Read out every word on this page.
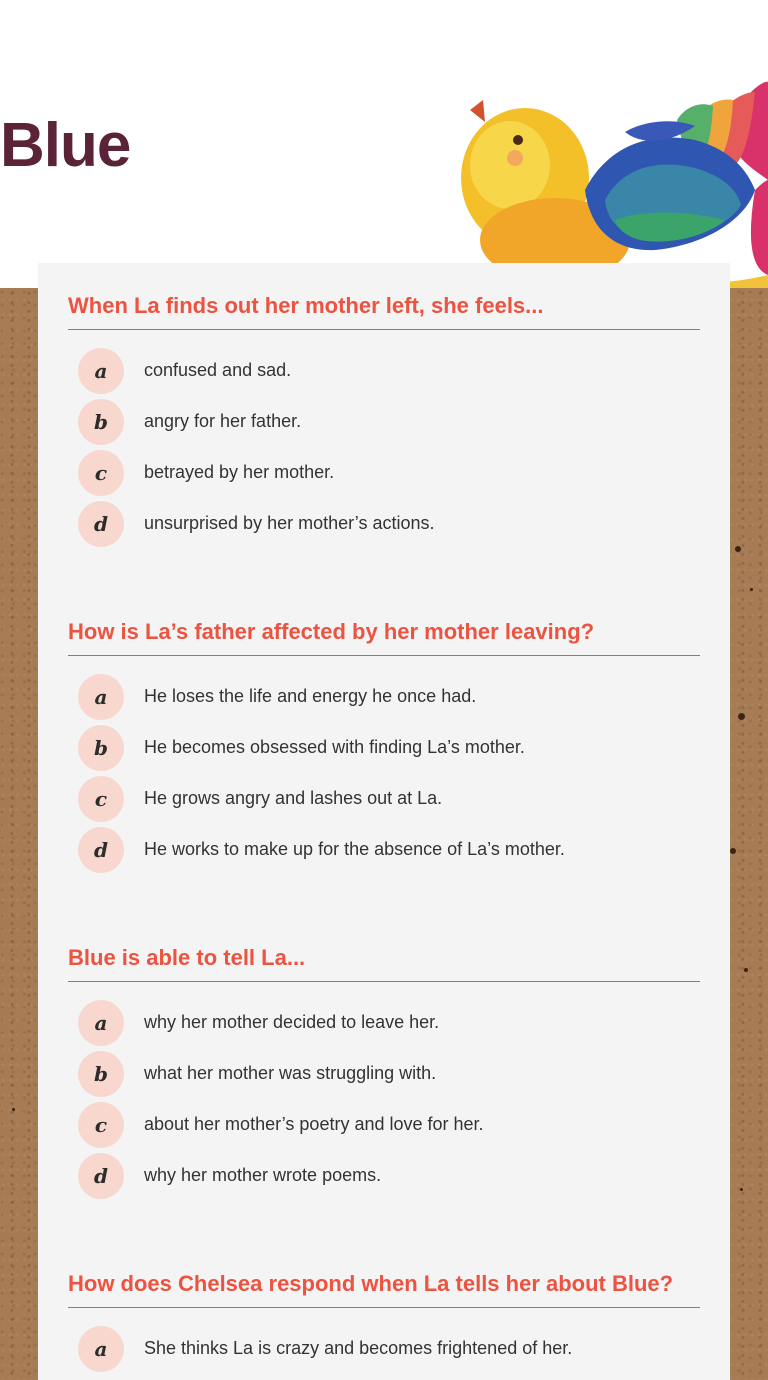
Blue
When La finds out her mother left, she feels...
a	confused and sad.
b	angry for her father.
c	betrayed by her mother.
d	unsurprised by her mother’s actions.
How is La’s father affected by her mother leaving?
a	He loses the life and energy he once had.
b	He becomes obsessed with finding La’s mother.
c	He grows angry and lashes out at La.
d	He works to make up for the absence of La’s mother.
Blue is able to tell La...
a	why her mother decided to leave her.
b	what her mother was struggling with.
c	about her mother’s poetry and love for her.
d	why her mother wrote poems.
How does Chelsea respond when La tells her about Blue?
a	She thinks La is crazy and becomes frightened of her.
